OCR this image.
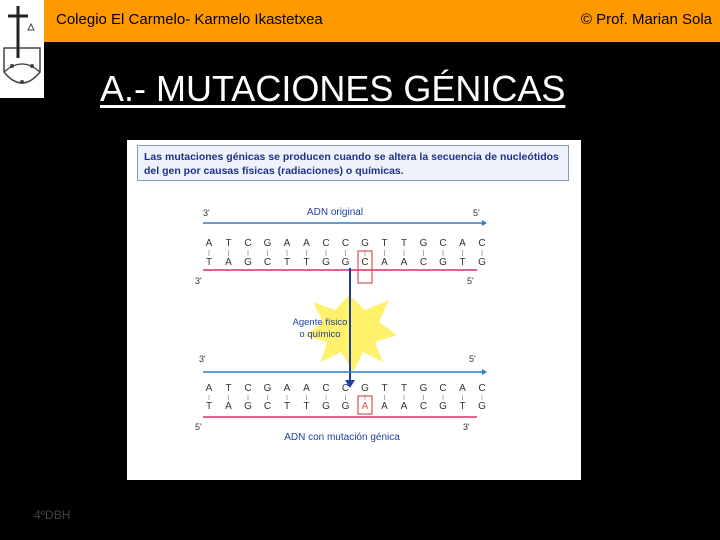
Colegio El Carmelo- Karmelo Ikastetxea	© Prof. Marian Sola
A.- MUTACIONES GÉNICAS
Las mutaciones génicas se producen cuando se altera la secuencia de nucleótidos del gen por causas físicas (radiaciones) o químicas.
3'	ADN original	5'
A T C G A A C C G T T G C A C
T A G C T T G G C A A C G T G
3'	5'
Agente físico
o químico
3'	5'
A T C G A A C C G T T G C A C
T A G C T T G G A A A C G T G
5'	3'
ADN con mutación génica
4ºDBH
